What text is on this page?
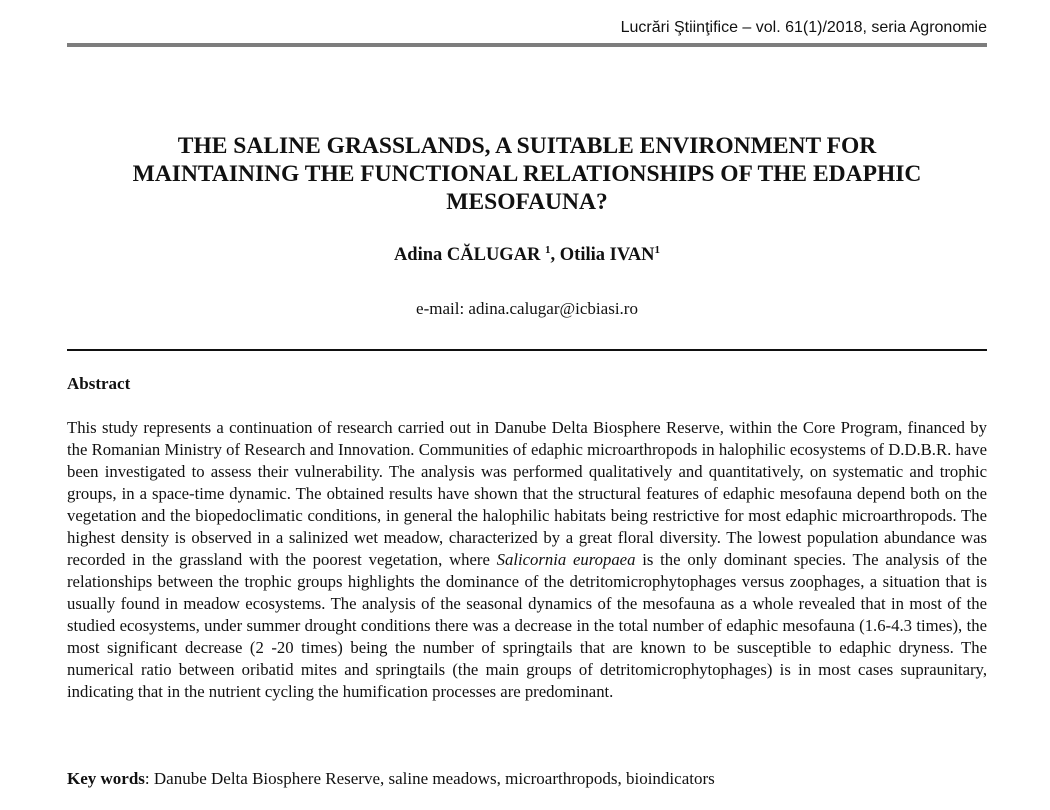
Lucrări Ştiinţifice – vol. 61(1)/2018, seria Agronomie
THE SALINE GRASSLANDS, A SUITABLE ENVIRONMENT FOR
MAINTAINING THE FUNCTIONAL RELATIONSHIPS OF THE EDAPHIC
MESOFAUNA?
Adina CĂLUGAR $^1$, Otilia IVAN$^1$
e-mail: adina.calugar@icbiasi.ro
Abstract
This study represents a continuation of research carried out in Danube Delta Biosphere Reserve, within the Core Program, financed by the Romanian Ministry of Research and Innovation. Communities of edaphic microarthropods in halophilic ecosystems of D.D.B.R. have been investigated to assess their vulnerability. The analysis was performed qualitatively and quantitatively, on systematic and trophic groups, in a space-time dynamic. The obtained results have shown that the structural features of edaphic mesofauna depend both on the vegetation and the biopedoclimatic conditions, in general the halophilic habitats being restrictive for most edaphic microarthropods. The highest density is observed in a salinized wet meadow, characterized by a great floral diversity. The lowest population abundance was recorded in the grassland with the poorest vegetation, where Salicornia europaea is the only dominant species. The analysis of the relationships between the trophic groups highlights the dominance of the detritomicrophytophages versus zoophages, a situation that is usually found in meadow ecosystems. The analysis of the seasonal dynamics of the mesofauna as a whole revealed that in most of the studied ecosystems, under summer drought conditions there was a decrease in the total number of edaphic mesofauna (1.6-4.3 times), the most significant decrease (2 -20 times) being the number of springtails that are known to be susceptible to edaphic dryness. The numerical ratio between oribatid mites and springtails (the main groups of detritomicrophytophages) is in most cases supraunitary, indicating that in the nutrient cycling the humification processes are predominant.
Key words: Danube Delta Biosphere Reserve, saline meadows, microarthropods, bioindicators
